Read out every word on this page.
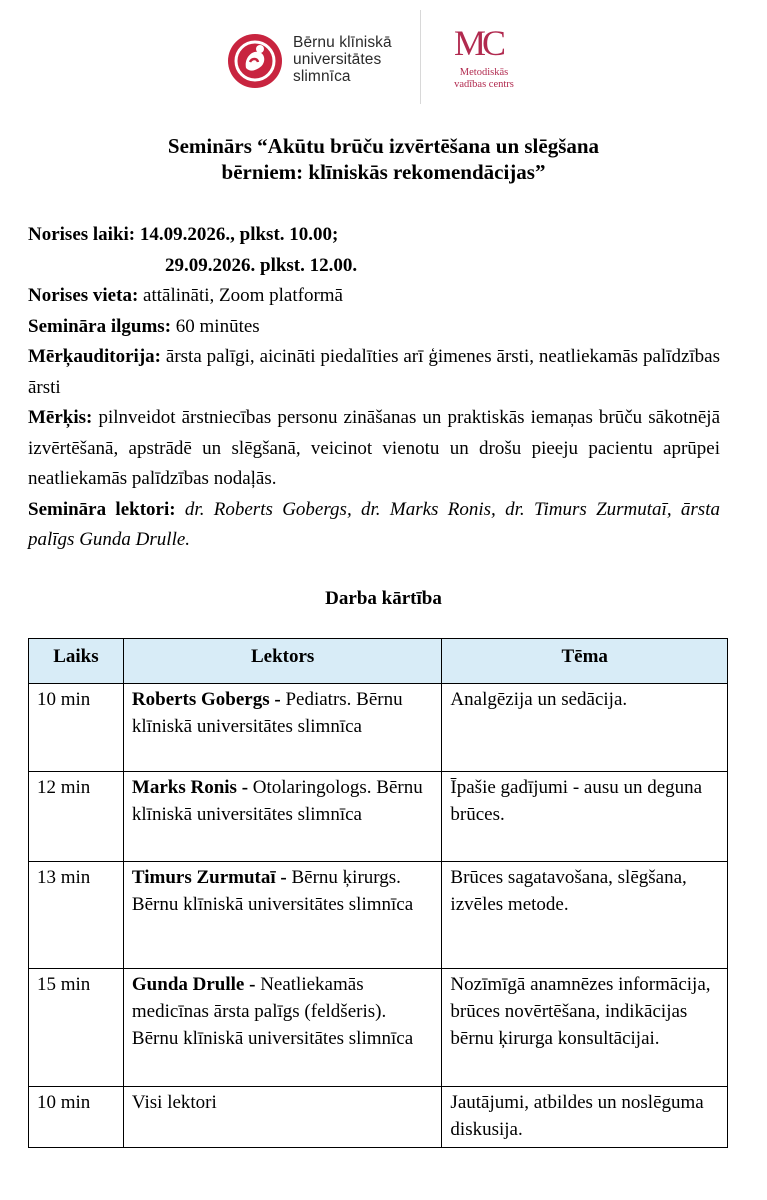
Bērnu klīniskā
universitātes
slimnīca
M
C
Metodiskās
vadības centrs
Seminārs “Akūtu brūču izvērtēšana un slēgšana
bērniem: klīniskās rekomendācijas”

Norises laiki: 14.09.2026., plkst. 10.00;

29.09.2026. plkst. 12.00.

Norises vieta: attālināti, Zoom platformā

Semināra ilgums: 60 minūtes

Mērķauditorija: ārsta palīgi, aicināti piedalīties arī ģimenes ārsti, neatliekamās palīdzības ārsti

Mērķis: pilnveidot ārstniecības personu zināšanas un praktiskās iemaņas brūču sākotnējā izvērtēšanā, apstrādē un slēgšanā, veicinot vienotu un drošu pieeju pacientu aprūpei neatliekamās palīdzības nodaļās.

Semināra lektori: dr. Roberts Gobergs, dr. Marks Ronis, dr. Timurs Zurmutaī, ārsta palīgs Gunda Drulle.

Darba kārtība
Laiks	Lektors	Tēma
10 min	Roberts Gobergs - Pediatrs. Bērnu klīniskā universitātes slimnīca	Analgēzija un sedācija.
12 min	Marks Ronis - Otolaringologs. Bērnu klīniskā universitātes slimnīca	Īpašie gadījumi - ausu un deguna brūces.
13 min	Timurs Zurmutaī - Bērnu ķirurgs. Bērnu klīniskā universitātes slimnīca	Brūces sagatavošana, slēgšana, izvēles metode.
15 min	Gunda Drulle - Neatliekamās medicīnas ārsta palīgs (feldšeris). Bērnu klīniskā universitātes slimnīca	Nozīmīgā anamnēzes informācija, brūces novērtēšana, indikācijas bērnu ķirurga konsultācijai.
10 min	Visi lektori	Jautājumi, atbildes un noslēguma diskusija.
